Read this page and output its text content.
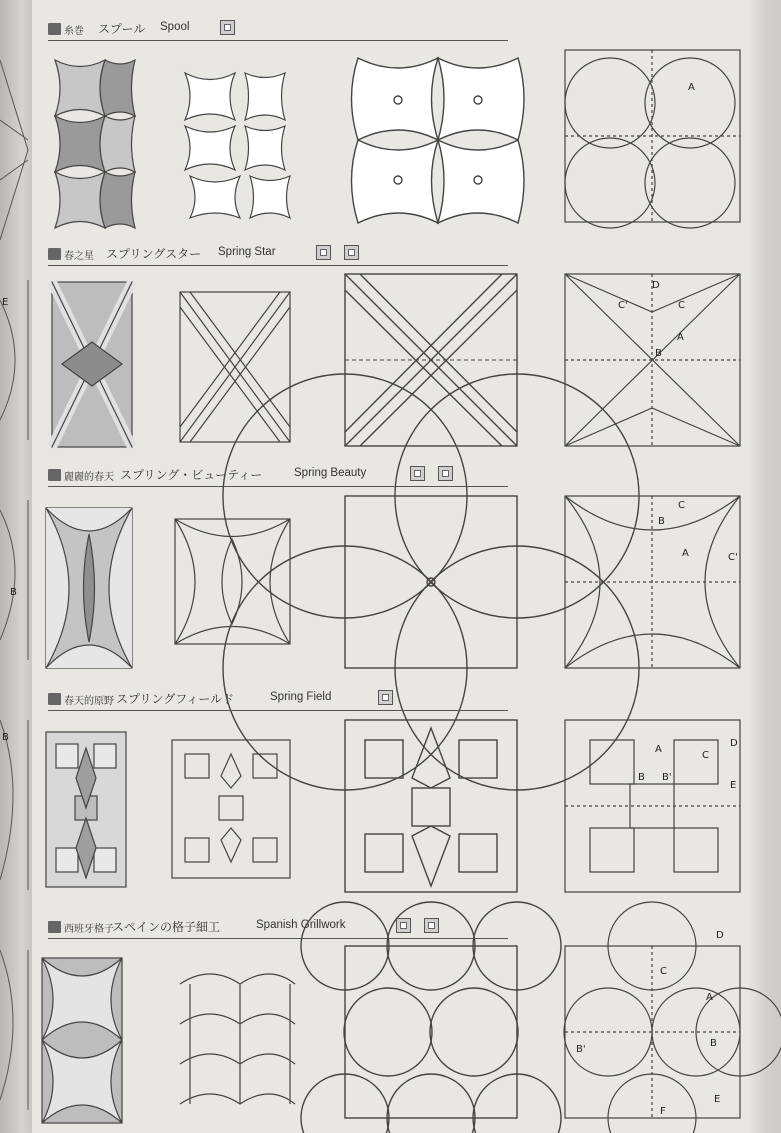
E
B
B
糸巻 スプール Spool
A
春之星 スプリングスター Spring Star
D
C'	C
A
B
麗麗的春天 スプリング・ビューティー	Spring Beauty
C
B
A	C'
春天的原野 スプリングフィールド	Spring Field
A
C
D
B B'
E
西班牙格子
スペインの格子細工	Spanish Grillwork
D
C
A
B'
B
F
E
